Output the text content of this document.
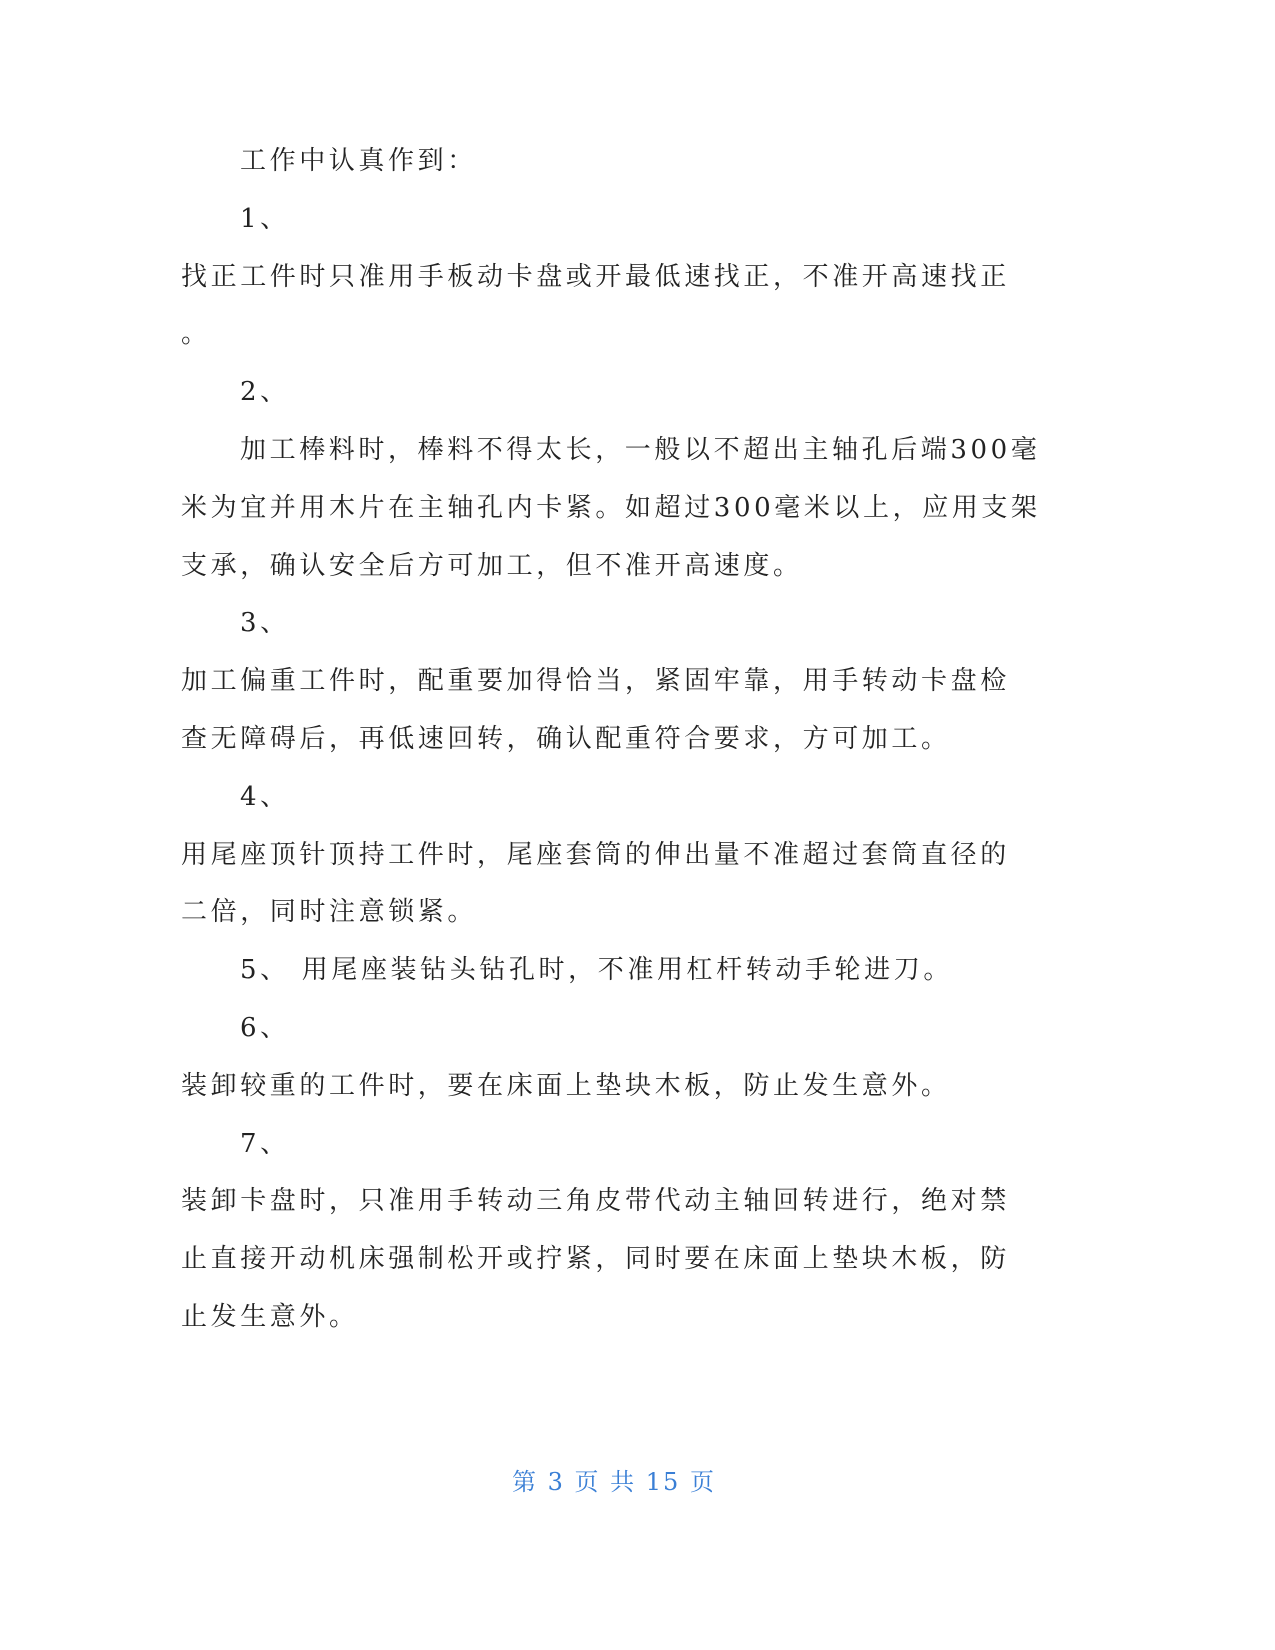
工作中认真作到：
1、
找正工件时只准用手板动卡盘或开最低速找正，不准开高速找正
。
2、
加工棒料时，棒料不得太长，一般以不超出主轴孔后端300毫
米为宜并用木片在主轴孔内卡紧。如超过300毫米以上，应用支架
支承，确认安全后方可加工，但不准开高速度。
3、
加工偏重工件时，配重要加得恰当，紧固牢靠，用手转动卡盘检
查无障碍后，再低速回转，确认配重符合要求，方可加工。
4、
用尾座顶针顶持工件时，尾座套筒的伸出量不准超过套筒直径的
二倍，同时注意锁紧。
5、 用尾座装钻头钻孔时，不准用杠杆转动手轮进刀。
6、
装卸较重的工件时，要在床面上垫块木板，防止发生意外。
7、
装卸卡盘时，只准用手转动三角皮带代动主轴回转进行，绝对禁
止直接开动机床强制松开或拧紧，同时要在床面上垫块木板，防
止发生意外。
第 3 页 共 15 页
